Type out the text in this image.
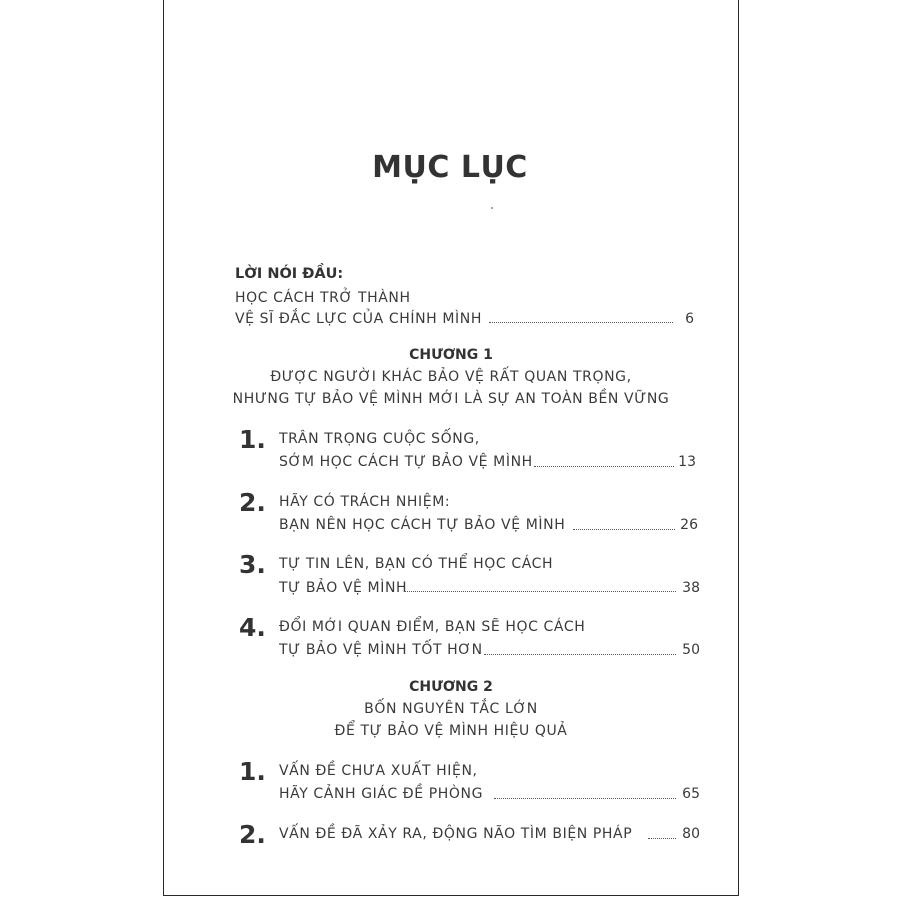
MỤC LỤC
LỜI NÓI ĐẦU:
HỌC CÁCH TRỞ THÀNH
VỆ SĨ ĐẮC LỰC CỦA CHÍNH MÌNH	6
CHƯƠNG 1
ĐƯỢC NGƯỜI KHÁC BẢO VỆ RẤT QUAN TRỌNG,
NHƯNG TỰ BẢO VỆ MÌNH MỚI LÀ SỰ AN TOÀN BỀN VỮNG
1. TRÂN TRỌNG CUỘC SỐNG,
SỚM HỌC CÁCH TỰ BẢO VỆ MÌNH	13
2. HÃY CÓ TRÁCH NHIỆM:
BẠN NÊN HỌC CÁCH TỰ BẢO VỆ MÌNH	26
3. TỰ TIN LÊN, BẠN CÓ THỂ HỌC CÁCH
TỰ BẢO VỆ MÌNH	38
4. ĐỔI MỚI QUAN ĐIỂM, BẠN SẼ HỌC CÁCH
TỰ BẢO VỆ MÌNH TỐT HƠN	50
CHƯƠNG 2
BỐN NGUYÊN TẮC LỚN
ĐỂ TỰ BẢO VỆ MÌNH HIỆU QUẢ
1. VẤN ĐỀ CHƯA XUẤT HIỆN,
HÃY CẢNH GIÁC ĐỀ PHÒNG	65
2. VẤN ĐỀ ĐÃ XẢY RA, ĐỘNG NÃO TÌM BIỆN PHÁP	80
